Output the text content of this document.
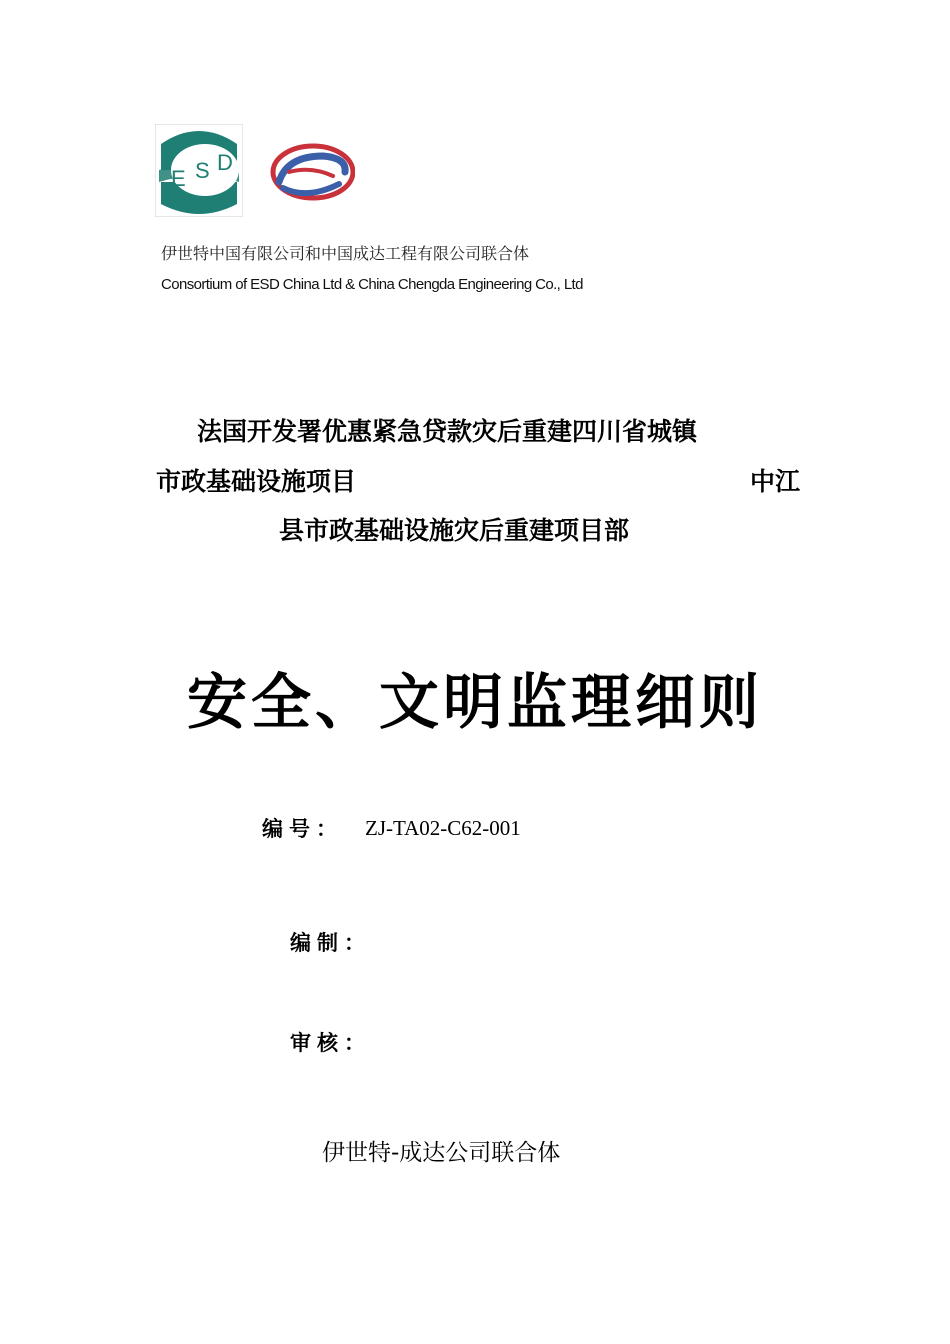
E S D
伊世特中国有限公司和中国成达工程有限公司联合体
Consortium of ESD China Ltd & China Chengda Engineering Co., Ltd
法国开发署优惠紧急贷款灾后重建四川省城镇
市政基础设施项目	中江
县市政基础设施灾后重建项目部
安全、文明监理细则
编号： ZJ-TA02-C62-001
编制：
审核：
伊世特-成达公司联合体
